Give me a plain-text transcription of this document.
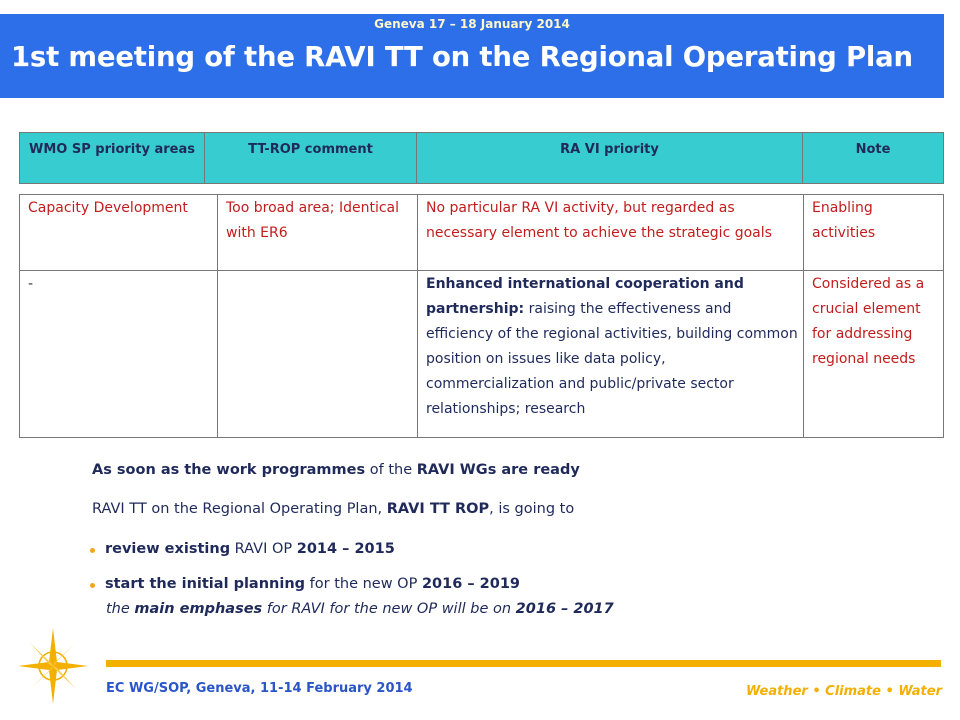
Geneva 17 – 18 January 2014
1st meeting of the RAVI TT on the Regional Operating Plan
WMO SP priority areas	TT-ROP comment	RA VI priority	Note
Capacity Development	Too broad area; Identical with ER6	No particular RA VI activity, but regarded as necessary element to achieve the strategic goals	Enabling activities
-		Enhanced international cooperation and partnership: raising the effectiveness and efficiency of the regional activities, building common position on issues like data policy, commercialization and public/private sector relationships; research	Considered as a crucial element for addressing regional needs
As soon as the work programmes of the RAVI WGs are ready
RAVI TT on the Regional Operating Plan, RAVI TT ROP, is going to
review existing RAVI OP 2014 – 2015
start the initial planning for the new OP 2016 – 2019
the main emphases for RAVI for the new OP will be on 2016 – 2017
EC WG/SOP, Geneva, 11-14 February 2014	Weather • Climate • Water
